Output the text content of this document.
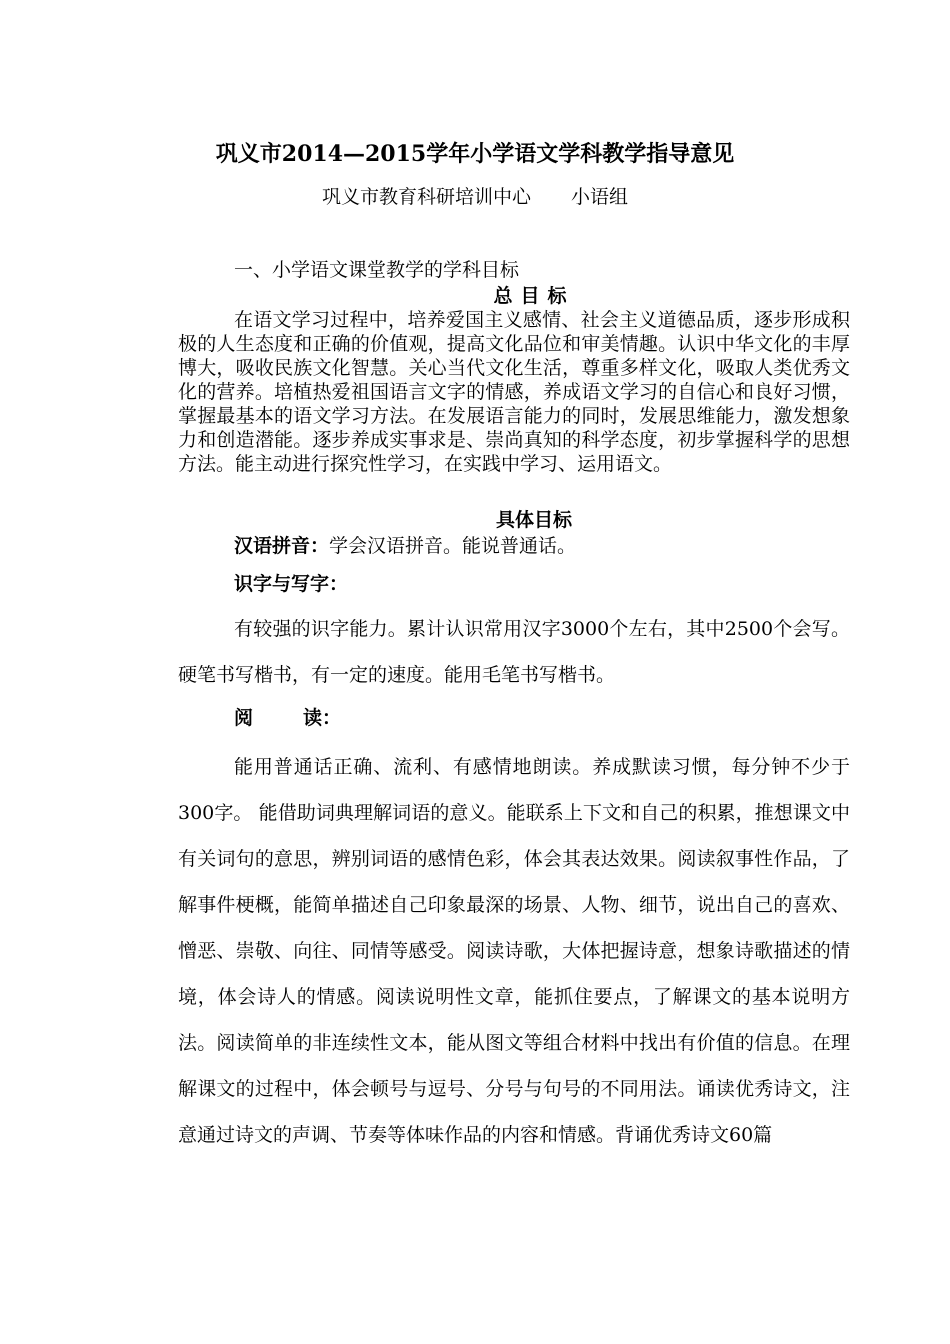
巩义市2014—2015学年小学语文学科教学指导意见

巩义市教育科研培训中心 小语组

一、小学语文课堂教学的学科目标

总目标

在语文学习过程中，培养爱国主义感情、社会主义道德品质，逐步形成积极的人生态度和正确的价值观，提高文化品位和审美情趣。认识中华文化的丰厚博大，吸收民族文化智慧。关心当代文化生活，尊重多样文化，吸取人类优秀文化的营养。培植热爱祖国语言文字的情感，养成语文学习的自信心和良好习惯，掌握最基本的语文学习方法。在发展语言能力的同时，发展思维能力，激发想象力和创造潜能。逐步养成实事求是、崇尚真知的科学态度，初步掌握科学的思想方法。能主动进行探究性学习，在实践中学习、运用语文。

具体目标

汉语拼音：学会汉语拼音。能说普通话。

识字与写字：

有较强的识字能力。累计认识常用汉字3000个左右，其中2500个会写。硬笔书写楷书，有一定的速度。能用毛笔书写楷书。

阅	读：

能用普通话正确、流利、有感情地朗读。养成默读习惯，每分钟不少于300字。 能借助词典理解词语的意义。能联系上下文和自己的积累，推想课文中有关词句的意思，辨别词语的感情色彩，体会其表达效果。阅读叙事性作品，了解事件梗概，能简单描述自己印象最深的场景、人物、细节，说出自己的喜欢、憎恶、崇敬、向往、同情等感受。阅读诗歌，大体把握诗意，想象诗歌描述的情境，体会诗人的情感。阅读说明性文章，能抓住要点，了解课文的基本说明方法。阅读简单的非连续性文本，能从图文等组合材料中找出有价值的信息。在理解课文的过程中，体会顿号与逗号、分号与句号的不同用法。诵读优秀诗文，注意通过诗文的声调、节奏等体味作品的内容和情感。背诵优秀诗文60篇
